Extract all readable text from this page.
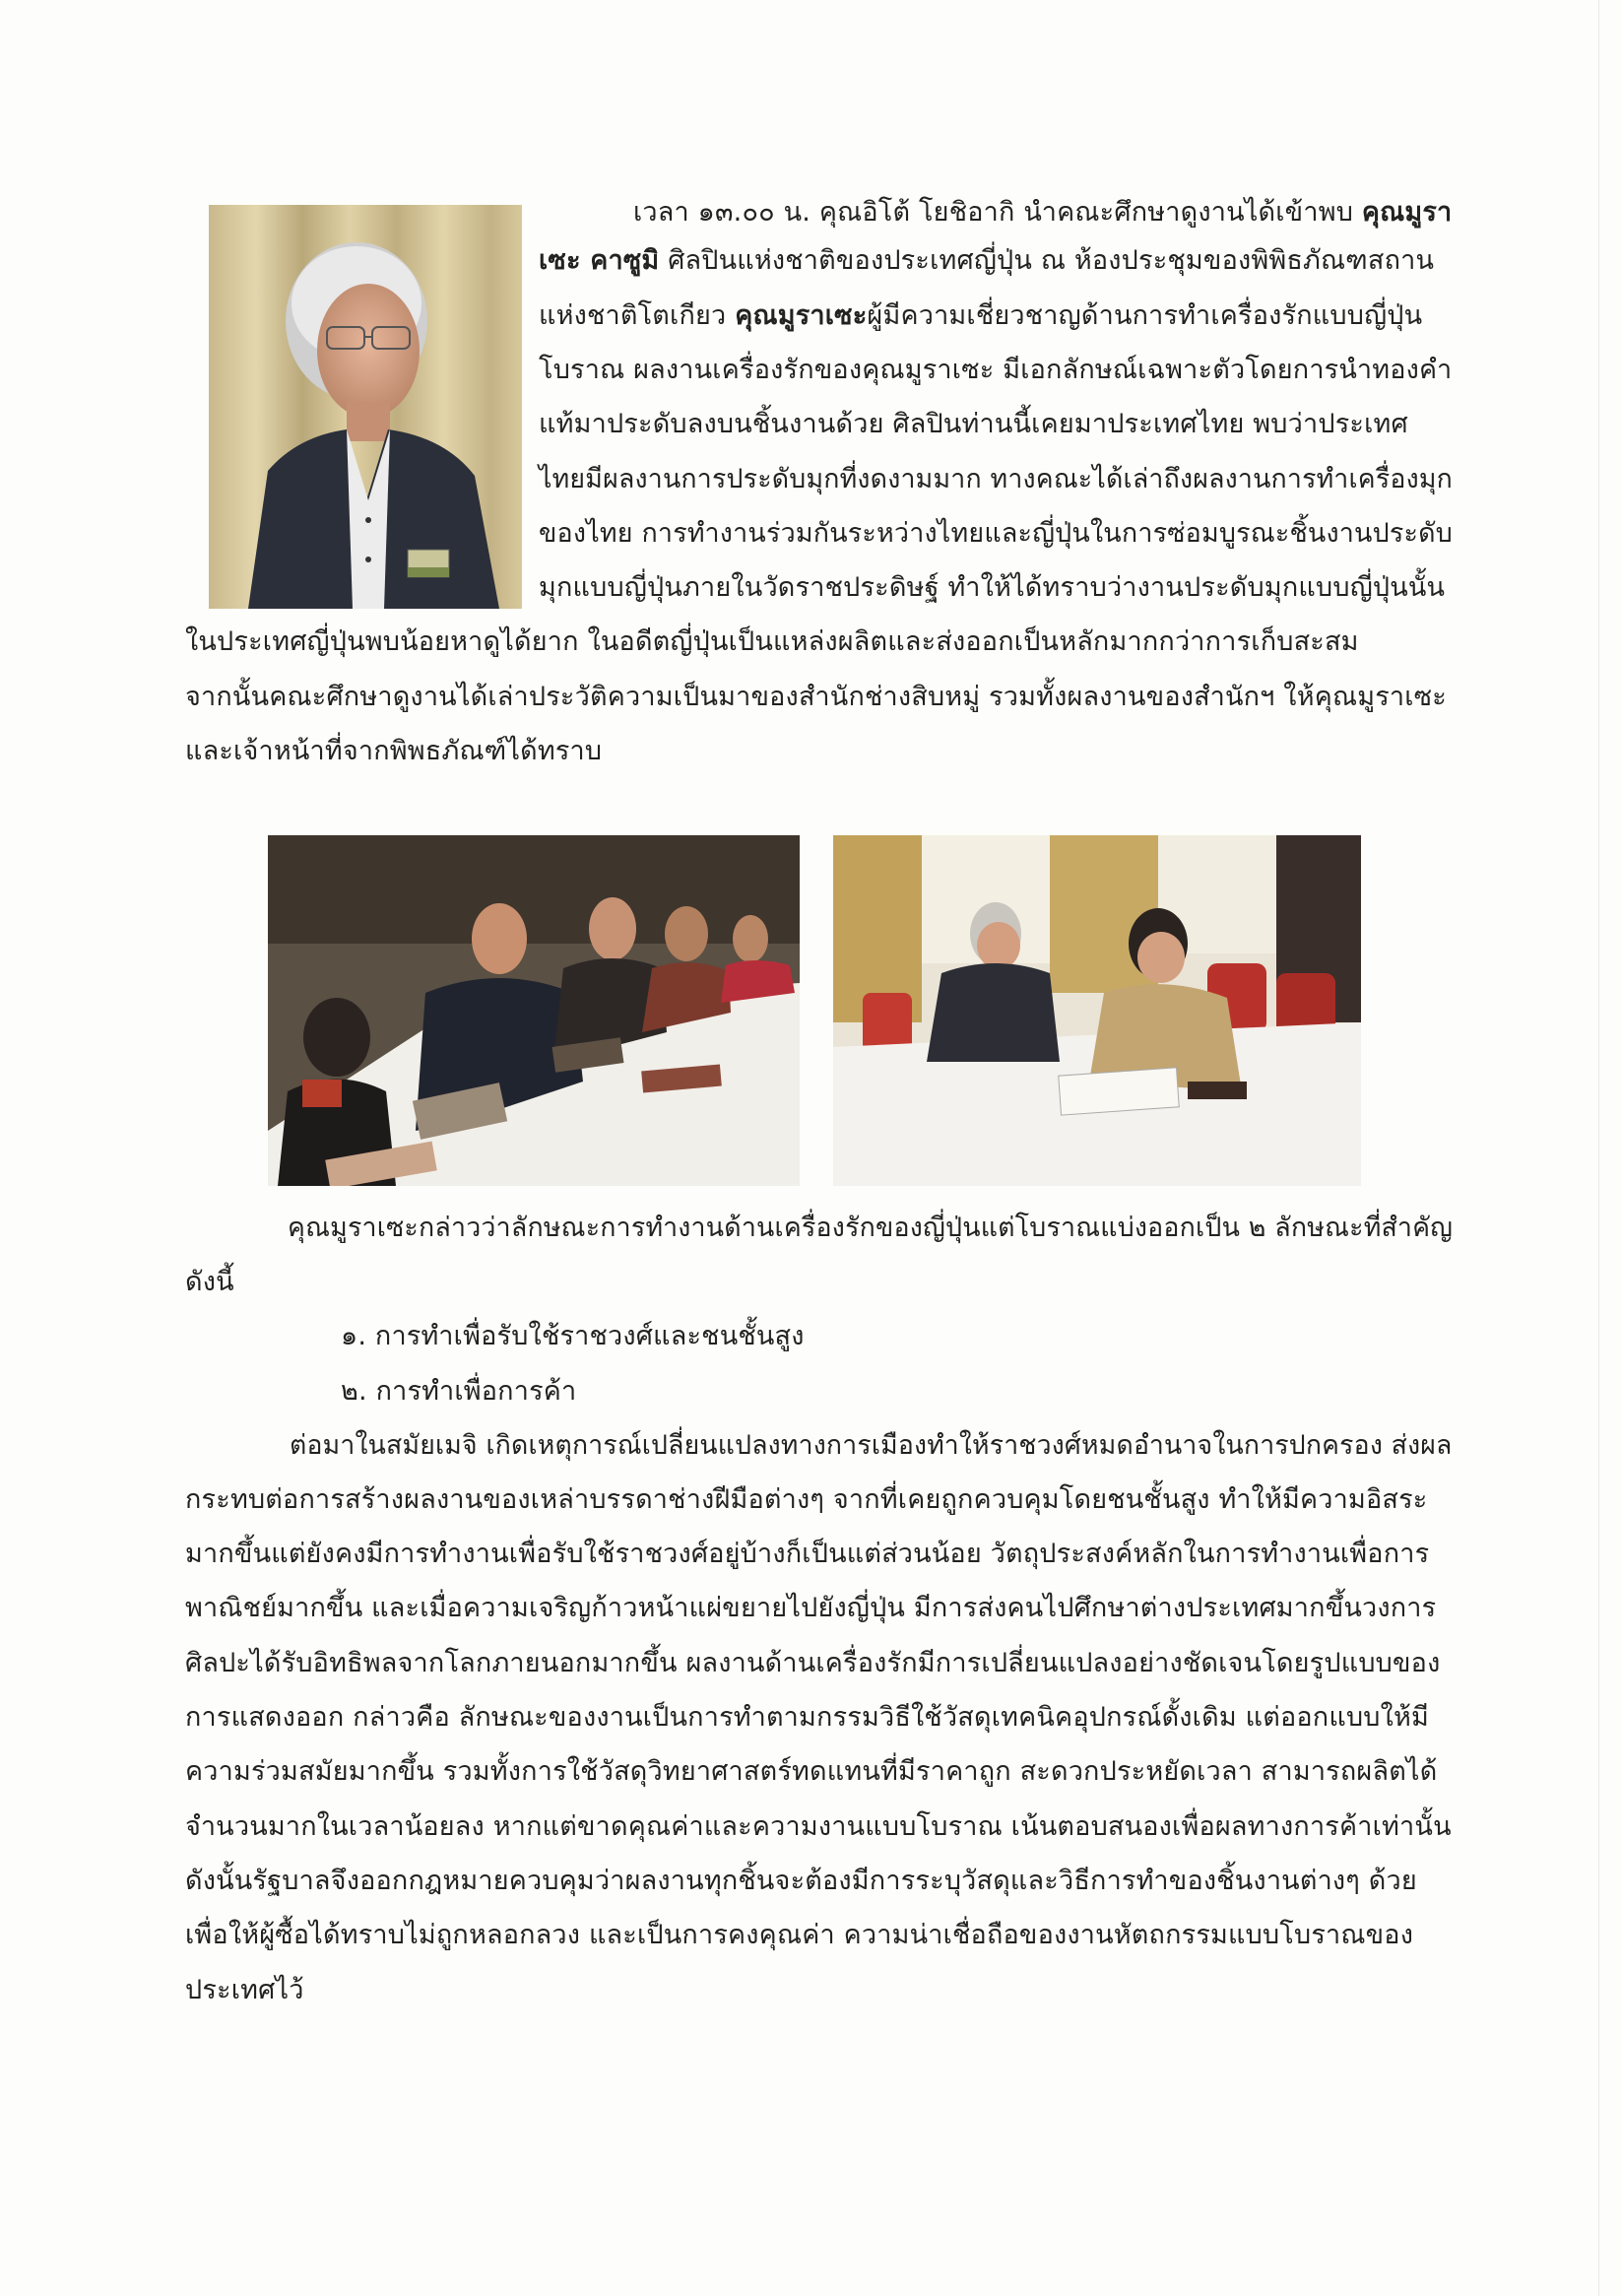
เวลา ๑๓.๐๐ น. คุณอิโต้ โยชิอากิ นำคณะศึกษาดูงานได้เข้าพบ คุณมูรา
เซะ คาซูมิ ศิลปินแห่งชาติของประเทศญี่ปุ่น ณ ห้องประชุมของพิพิธภัณฑสถาน
แห่งชาติโตเกียว คุณมูราเซะผู้มีความเชี่ยวชาญด้านการทำเครื่องรักแบบญี่ปุ่น
โบราณ ผลงานเครื่องรักของคุณมูราเซะ มีเอกลักษณ์เฉพาะตัวโดยการนำทองคำ
แท้มาประดับลงบนชิ้นงานด้วย ศิลปินท่านนี้เคยมาประเทศไทย พบว่าประเทศ
ไทยมีผลงานการประดับมุกที่งดงามมาก ทางคณะได้เล่าถึงผลงานการทำเครื่องมุก
ของไทย การทำงานร่วมกันระหว่างไทยและญี่ปุ่นในการซ่อมบูรณะชิ้นงานประดับ
มุกแบบญี่ปุ่นภายในวัดราชประดิษฐ์ ทำให้ได้ทราบว่างานประดับมุกแบบญี่ปุ่นนั้น
ในประเทศญี่ปุ่นพบน้อยหาดูได้ยาก ในอดีตญี่ปุ่นเป็นแหล่งผลิตและส่งออกเป็นหลักมากกว่าการเก็บสะสม
จากนั้นคณะศึกษาดูงานได้เล่าประวัติความเป็นมาของสำนักช่างสิบหมู่ รวมทั้งผลงานของสำนักฯ ให้คุณมูราเซะ
และเจ้าหน้าที่จากพิพธภัณฑ์ได้ทราบ
คุณมูราเซะกล่าวว่าลักษณะการทำงานด้านเครื่องรักของญี่ปุ่นแต่โบราณแบ่งออกเป็น ๒ ลักษณะที่สำคัญ
ดังนี้
๑. การทำเพื่อรับใช้ราชวงศ์และชนชั้นสูง
๒. การทำเพื่อการค้า
ต่อมาในสมัยเมจิ เกิดเหตุการณ์เปลี่ยนแปลงทางการเมืองทำให้ราชวงศ์หมดอำนาจในการปกครอง ส่งผล
กระทบต่อการสร้างผลงานของเหล่าบรรดาช่างฝีมือต่างๆ จากที่เคยถูกควบคุมโดยชนชั้นสูง ทำให้มีความอิสระ
มากขึ้นแต่ยังคงมีการทำงานเพื่อรับใช้ราชวงศ์อยู่บ้างก็เป็นแต่ส่วนน้อย วัตถุประสงค์หลักในการทำงานเพื่อการ
พาณิชย์มากขึ้น และเมื่อความเจริญก้าวหน้าแผ่ขยายไปยังญี่ปุ่น มีการส่งคนไปศึกษาต่างประเทศมากขึ้นวงการ
ศิลปะได้รับอิทธิพลจากโลกภายนอกมากขึ้น ผลงานด้านเครื่องรักมีการเปลี่ยนแปลงอย่างชัดเจนโดยรูปแบบของ
การแสดงออก กล่าวคือ ลักษณะของงานเป็นการทำตามกรรมวิธีใช้วัสดุเทคนิคอุปกรณ์ดั้งเดิม แต่ออกแบบให้มี
ความร่วมสมัยมากขึ้น รวมทั้งการใช้วัสดุวิทยาศาสตร์ทดแทนที่มีราคาถูก สะดวกประหยัดเวลา สามารถผลิตได้
จำนวนมากในเวลาน้อยลง หากแต่ขาดคุณค่าและความงานแบบโบราณ เน้นตอบสนองเพื่อผลทางการค้าเท่านั้น
ดังนั้นรัฐบาลจึงออกกฎหมายควบคุมว่าผลงานทุกชิ้นจะต้องมีการระบุวัสดุและวิธีการทำของชิ้นงานต่างๆ ด้วย
เพื่อให้ผู้ซื้อได้ทราบไม่ถูกหลอกลวง และเป็นการคงคุณค่า ความน่าเชื่อถือของงานหัตถกรรมแบบโบราณของ
ประเทศไว้
